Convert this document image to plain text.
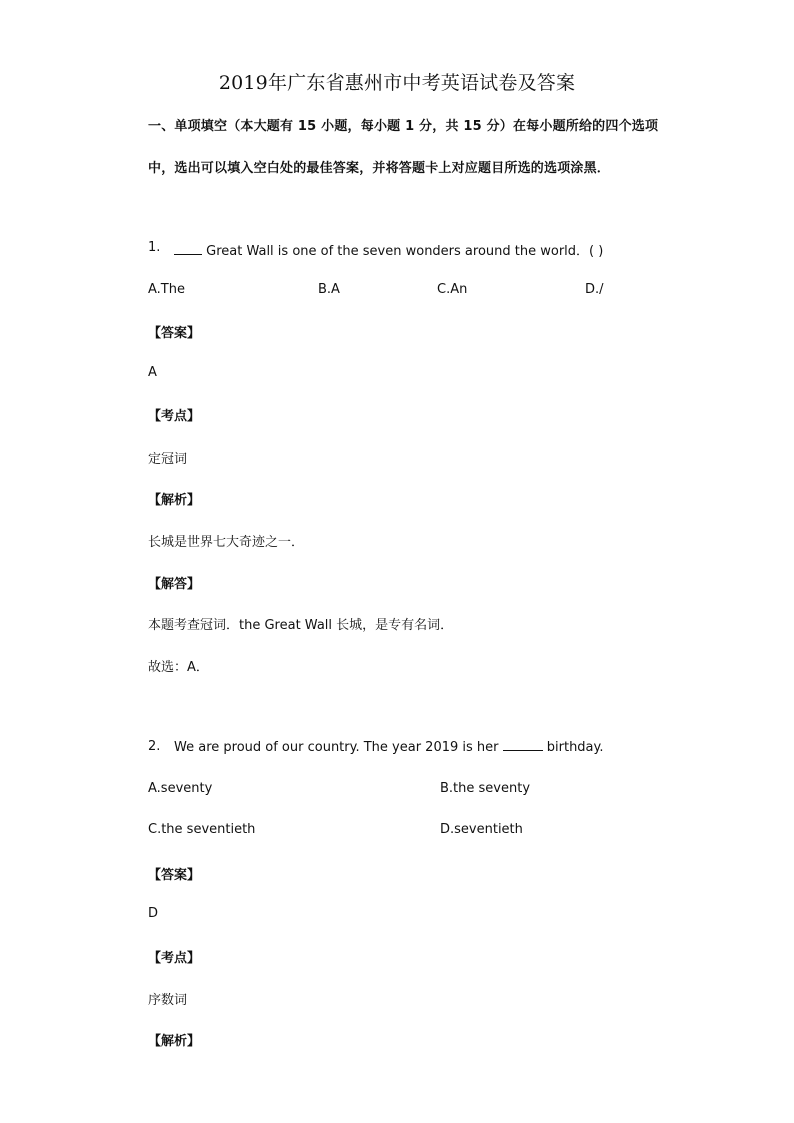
2019年广东省惠州市中考英语试卷及答案
一、单项填空（本大题有 15 小题，每小题 1 分，共 15 分）在每小题所给的四个选项
中，选出可以填入空白处的最佳答案，并将答题卡上对应题目所选的选项涂黑．
1.	Great Wall is one of the seven wonders around the world．( )
A.The	B.A	C.An	D./
【答案】
A
【考点】
定冠词
【解析】
长城是世界七大奇迹之一．
【解答】
本题考查冠词．the Great Wall 长城，是专有名词．
故选：A．
2. We are proud of our country. The year 2019 is her	birthday.
A.seventy	B.the seventy
C.the seventieth	D.seventieth
【答案】
D
【考点】
序数词
【解析】
